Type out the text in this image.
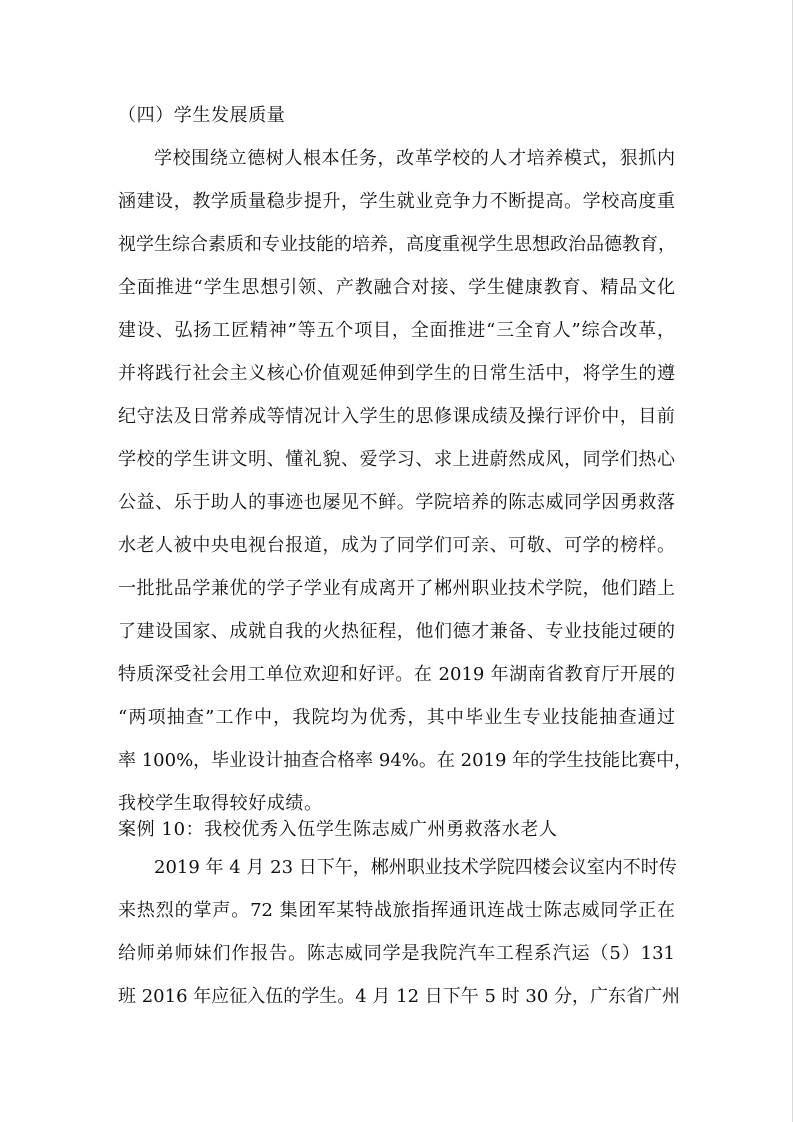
（四）学生发展质量

学校围绕立德树人根本任务，改革学校的人才培养模式，狠抓内

涵建设，教学质量稳步提升，学生就业竞争力不断提高。学校高度重

视学生综合素质和专业技能的培养，高度重视学生思想政治品德教育，

全面推进“学生思想引领、产教融合对接、学生健康教育、精品文化

建设、弘扬工匠精神”等五个项目，全面推进“三全育人”综合改革，

并将践行社会主义核心价值观延伸到学生的日常生活中，将学生的遵

纪守法及日常养成等情况计入学生的思修课成绩及操行评价中，目前

学校的学生讲文明、懂礼貌、爱学习、求上进蔚然成风，同学们热心

公益、乐于助人的事迹也屡见不鲜。学院培养的陈志威同学因勇救落

水老人被中央电视台报道，成为了同学们可亲、可敬、可学的榜样。

一批批品学兼优的学子学业有成离开了郴州职业技术学院，他们踏上

了建设国家、成就自我的火热征程，他们德才兼备、专业技能过硬的

特质深受社会用工单位欢迎和好评。在 2019 年湖南省教育厅开展的

“两项抽查”工作中，我院均为优秀，其中毕业生专业技能抽查通过

率 100%，毕业设计抽查合格率 94%。在 2019 年的学生技能比赛中，

我校学生取得较好成绩。

案例 10：我校优秀入伍学生陈志威广州勇救落水老人

2019 年 4 月 23 日下午，郴州职业技术学院四楼会议室内不时传

来热烈的掌声。72 集团军某特战旅指挥通讯连战士陈志威同学正在

给师弟师妹们作报告。陈志威同学是我院汽车工程系汽运（5）131

班 2016 年应征入伍的学生。4 月 12 日下午 5 时 30 分，广东省广州
